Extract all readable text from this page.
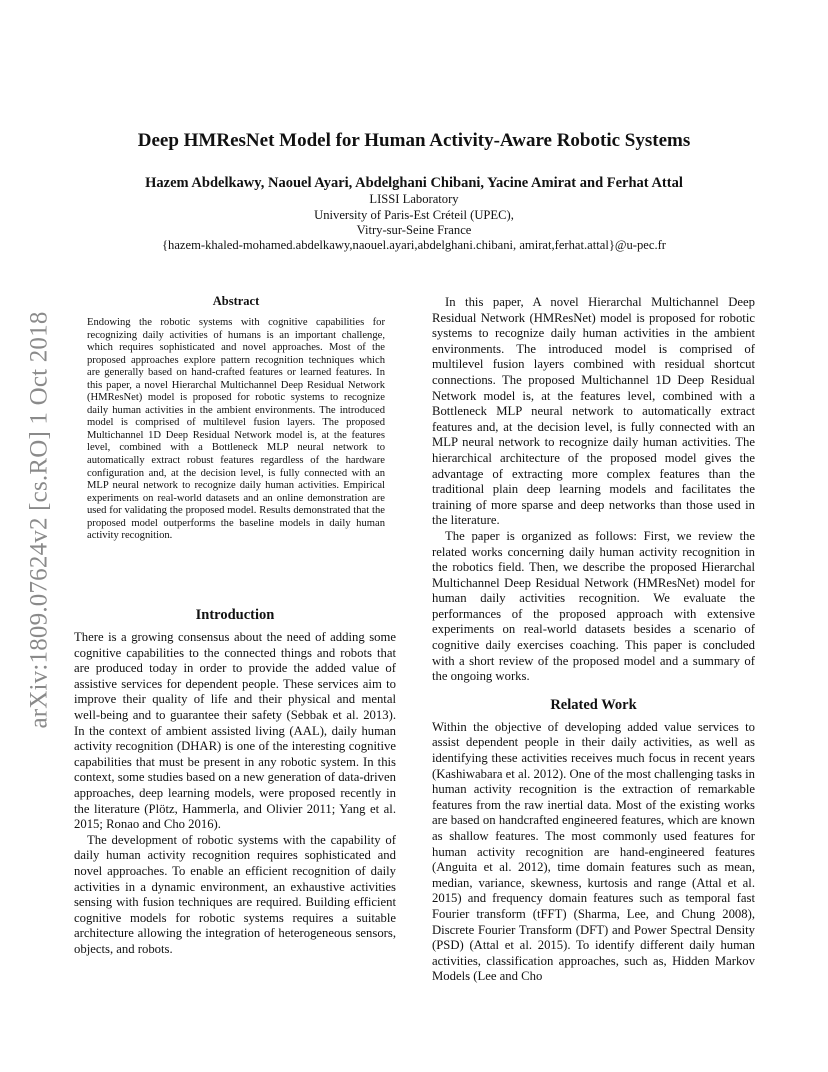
arXiv:1809.07624v2 [cs.RO] 1 Oct 2018
Deep HMResNet Model for Human Activity-Aware Robotic Systems
Hazem Abdelkawy, Naouel Ayari, Abdelghani Chibani, Yacine Amirat and Ferhat Attal
LISSI Laboratory
University of Paris-Est Créteil (UPEC),
Vitry-sur-Seine France
{hazem-khaled-mohamed.abdelkawy,naouel.ayari,abdelghani.chibani, amirat,ferhat.attal}@u-pec.fr
Abstract

Endowing the robotic systems with cognitive capabilities for recognizing daily activities of humans is an important challenge, which requires sophisticated and novel approaches. Most of the proposed approaches explore pattern recognition techniques which are generally based on hand-crafted features or learned features. In this paper, a novel Hierarchal Multichannel Deep Residual Network (HMResNet) model is proposed for robotic systems to recognize daily human activities in the ambient environments. The introduced model is comprised of multilevel fusion layers. The proposed Multichannel 1D Deep Residual Network model is, at the features level, combined with a Bottleneck MLP neural network to automatically extract robust features regardless of the hardware configuration and, at the decision level, is fully connected with an MLP neural network to recognize daily human activities. Empirical experiments on real-world datasets and an online demonstration are used for validating the proposed model. Results demonstrated that the proposed model outperforms the baseline models in daily human activity recognition.

Introduction

There is a growing consensus about the need of adding some cognitive capabilities to the connected things and robots that are produced today in order to provide the added value of assistive services for dependent people. These services aim to improve their quality of life and their physical and mental well-being and to guarantee their safety (Sebbak et al. 2013). In the context of ambient assisted living (AAL), daily human activity recognition (DHAR) is one of the interesting cognitive capabilities that must be present in any robotic system. In this context, some studies based on a new generation of data-driven approaches, deep learning models, were proposed recently in the literature (Plötz, Hammerla, and Olivier 2011; Yang et al. 2015; Ronao and Cho 2016).

The development of robotic systems with the capability of daily human activity recognition requires sophisticated and novel approaches. To enable an efficient recognition of daily activities in a dynamic environment, an exhaustive activities sensing with fusion techniques are required. Building efficient cognitive models for robotic systems requires a suitable architecture allowing the integration of heterogeneous sensors, objects, and robots.

In this paper, A novel Hierarchal Multichannel Deep Residual Network (HMResNet) model is proposed for robotic systems to recognize daily human activities in the ambient environments. The introduced model is comprised of multilevel fusion layers combined with residual shortcut connections. The proposed Multichannel 1D Deep Residual Network model is, at the features level, combined with a Bottleneck MLP neural network to automatically extract features and, at the decision level, is fully connected with an MLP neural network to recognize daily human activities. The hierarchical architecture of the proposed model gives the advantage of extracting more complex features than the traditional plain deep learning models and facilitates the training of more sparse and deep networks than those used in the literature.

The paper is organized as follows: First, we review the related works concerning daily human activity recognition in the robotics field. Then, we describe the proposed Hierarchal Multichannel Deep Residual Network (HMResNet) model for human daily activities recognition. We evaluate the performances of the proposed approach with extensive experiments on real-world datasets besides a scenario of cognitive daily exercises coaching. This paper is concluded with a short review of the proposed model and a summary of the ongoing works.

Related Work

Within the objective of developing added value services to assist dependent people in their daily activities, as well as identifying these activities receives much focus in recent years (Kashiwabara et al. 2012). One of the most challenging tasks in human activity recognition is the extraction of remarkable features from the raw inertial data. Most of the existing works are based on handcrafted engineered features, which are known as shallow features. The most commonly used features for human activity recognition are hand-engineered features (Anguita et al. 2012), time domain features such as mean, median, variance, skewness, kurtosis and range (Attal et al. 2015) and frequency domain features such as temporal fast Fourier transform (tFFT) (Sharma, Lee, and Chung 2008), Discrete Fourier Transform (DFT) and Power Spectral Density (PSD) (Attal et al. 2015). To identify different daily human activities, classification approaches, such as, Hidden Markov Models (Lee and Cho
